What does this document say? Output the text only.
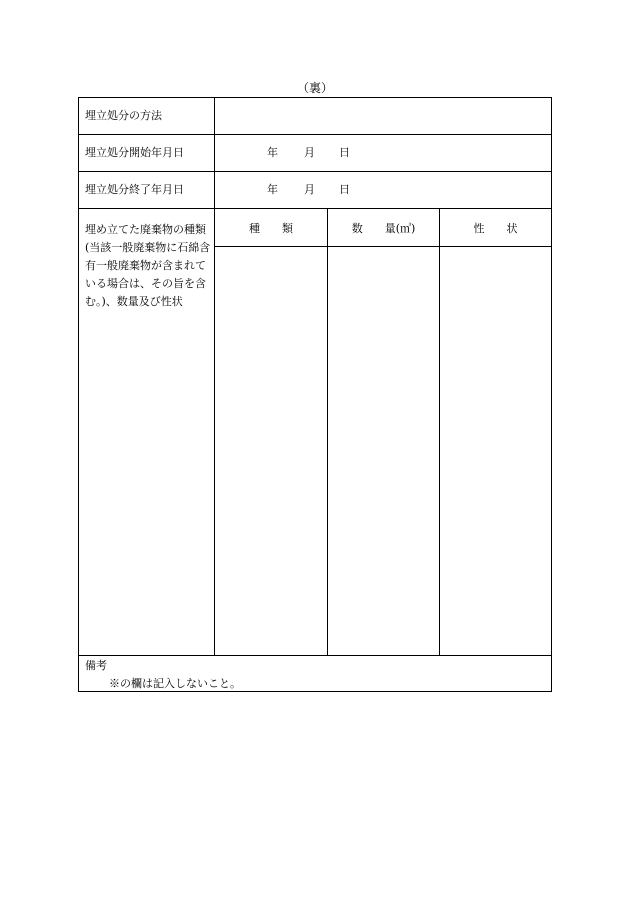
（裏）
埋立処分の方法
埋立処分開始年月日	年 月 日
埋立処分終了年月日	年 月 日
埋め立てた廃棄物の種類(当該一般廃棄物に石綿含有一般廃棄物が含まれている場合は、その旨を含む。)、数量及び性状
種　　類	数　　量(㎥)	性　　状
備考
※の欄は記入しないこと。
